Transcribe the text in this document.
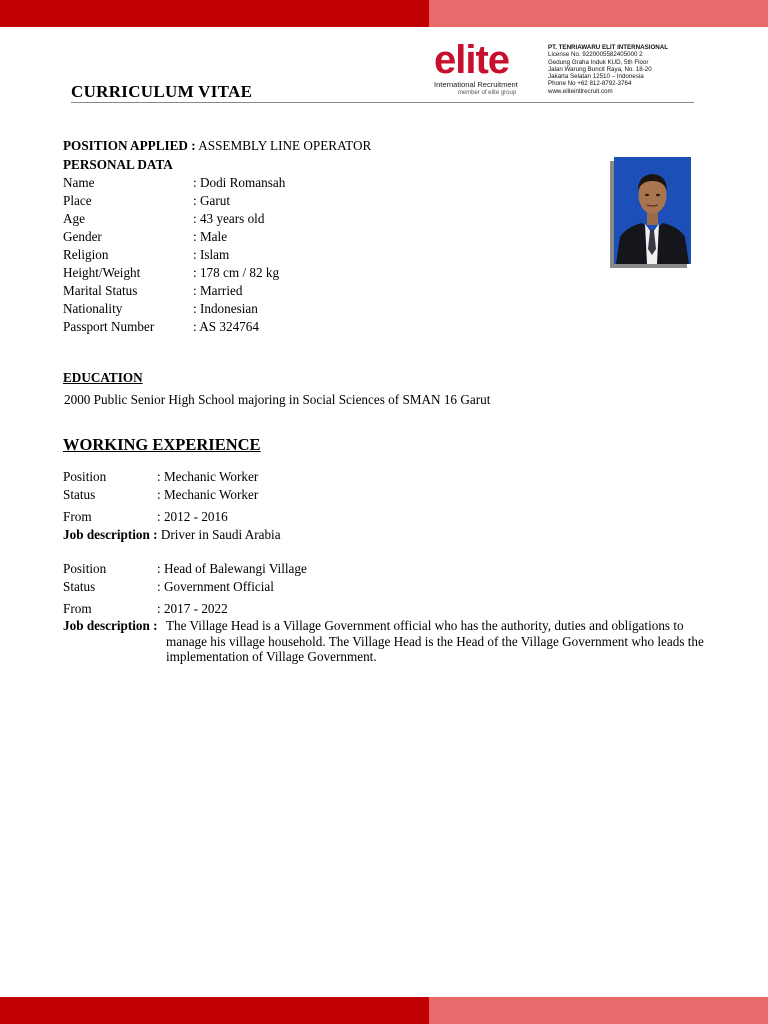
elite
International Recruitment
member of elite group
PT. TENRIAWARU ELIT INTERNASIONAL
License No. 9220005582405000 2
Gedung Graha Induk KUD, 5th Floor
Jalan Warung Buncit Raya, No. 18-20
Jakarta Selatan 12510 – Indonesia
Phone No +62 812-8792-3764
www.eliteintlrecruit.com
CURRICULUM VITAE
POSITION APPLIED : ASSEMBLY LINE OPERATOR
PERSONAL DATA
Name	: Dodi Romansah
Place	: Garut
Age	: 43 years old
Gender	: Male
Religion	: Islam
Height/Weight	: 178 cm / 82 kg
Marital Status	: Married
Nationality	: Indonesian
Passport Number	: AS 324764
EDUCATION
2000 Public Senior High School majoring in Social Sciences of SMAN 16 Garut
WORKING EXPERIENCE
Position	: Mechanic Worker
Status	: Mechanic Worker
From	: 2012 - 2016
Job description : Driver in Saudi Arabia
Position	: Head of Balewangi Village
Status	: Government Official
From	: 2017 - 2022
Job description : The Village Head is a Village Government official who has the authority, duties and obligations to manage his village household. The Village Head is the Head of the Village Government who leads the implementation of Village Government.
